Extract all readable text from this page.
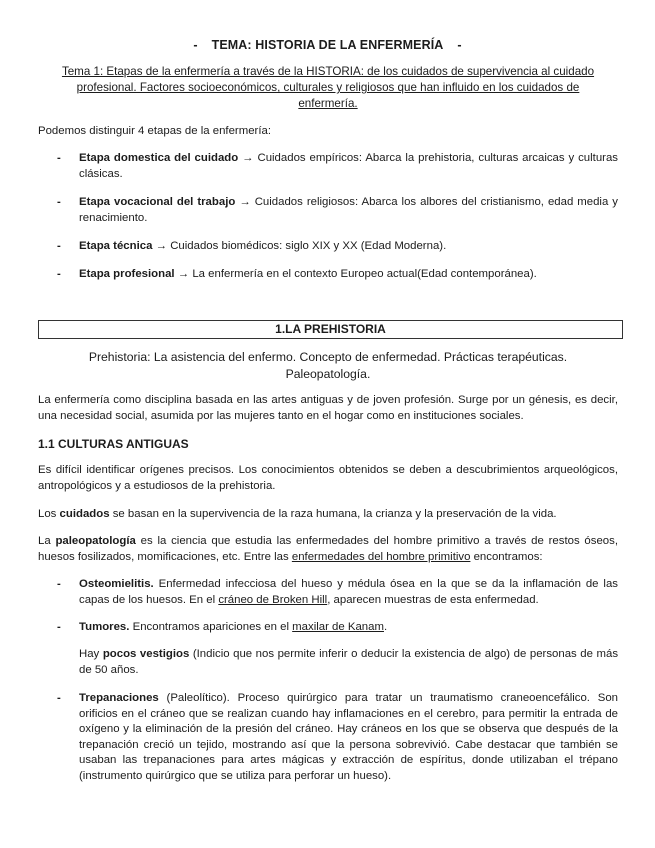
- TEMA: HISTORIA DE LA ENFERMERÍA -
Tema 1: Etapas de la enfermería a través de la HISTORIA: de los cuidados de supervivencia al cuidado profesional. Factores socioeconómicos, culturales y religiosos que han influido en los cuidados de enfermería.
Podemos distinguir 4 etapas de la enfermería:
- Etapa domestica del cuidado → Cuidados empíricos: Abarca la prehistoria, culturas arcaicas y culturas clásicas.
- Etapa vocacional del trabajo → Cuidados religiosos: Abarca los albores del cristianismo, edad media y renacimiento.
- Etapa técnica → Cuidados biomédicos: siglo XIX y XX (Edad Moderna).
- Etapa profesional → La enfermería en el contexto Europeo actual(Edad contemporánea).
1.LA PREHISTORIA
Prehistoria: La asistencia del enfermo. Concepto de enfermedad. Prácticas terapéuticas. Paleopatología.
La enfermería como disciplina basada en las artes antiguas y de joven profesión. Surge por un génesis, es decir, una necesidad social, asumida por las mujeres tanto en el hogar como en instituciones sociales.
1.1 CULTURAS ANTIGUAS
Es difícil identificar orígenes precisos. Los conocimientos obtenidos se deben a descubrimientos arqueológicos, antropológicos y a estudiosos de la prehistoria.
Los cuidados se basan en la supervivencia de la raza humana, la crianza y la preservación de la vida.
La paleopatología es la ciencia que estudia las enfermedades del hombre primitivo a través de restos óseos, huesos fosilizados, momificaciones, etc. Entre las enfermedades del hombre primitivo encontramos:
- Osteomielitis. Enfermedad infecciosa del hueso y médula ósea en la que se da la inflamación de las capas de los huesos. En el cráneo de Broken Hill, aparecen muestras de esta enfermedad.
- Tumores. Encontramos apariciones en el maxilar de Kanam.
Hay pocos vestigios (Indicio que nos permite inferir o deducir la existencia de algo) de personas de más de 50 años.
- Trepanaciones (Paleolítico). Proceso quirúrgico para tratar un traumatismo craneoencefálico. Son orificios en el cráneo que se realizan cuando hay inflamaciones en el cerebro, para permitir la entrada de oxígeno y la eliminación de la presión del cráneo. Hay cráneos en los que se observa que después de la trepanación creció un tejido, mostrando así que la persona sobrevivió. Cabe destacar que también se usaban las trepanaciones para artes mágicas y extracción de espíritus, donde utilizaban el trépano (instrumento quirúrgico que se utiliza para perforar un hueso).
